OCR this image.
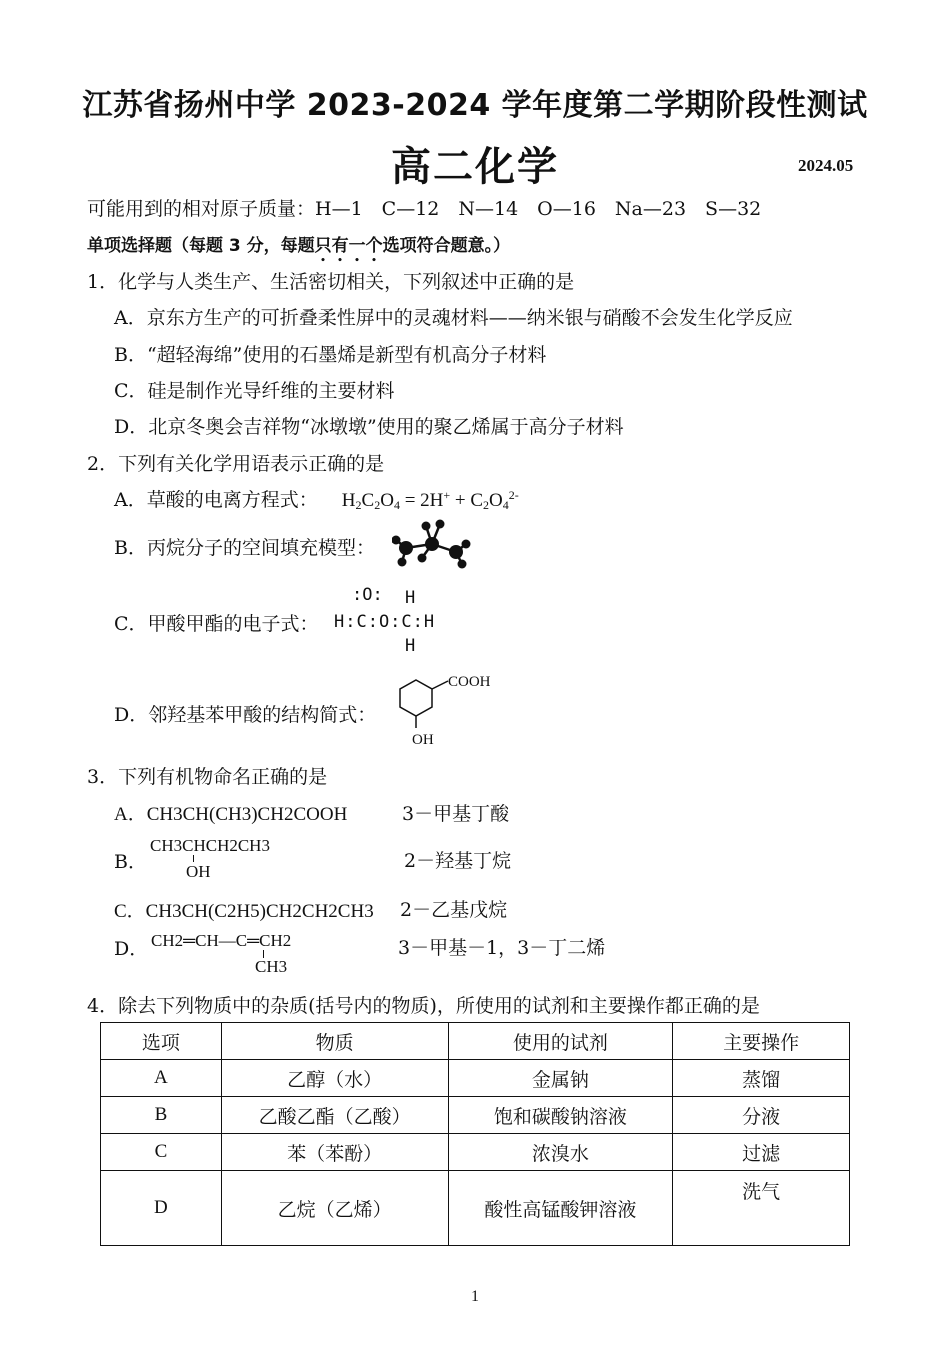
江苏省扬州中学 2023-2024 学年度第二学期阶段性测试
高二化学	2024.05
可能用到的相对原子质量：H—1　C—12　N—14　O—16　Na—23　S—32
单项选择题（每题 3 分，每题只有一个选项符合题意。）
1．化学与人类生产、生活密切相关，下列叙述中正确的是
A．京东方生产的可折叠柔性屏中的灵魂材料——纳米银与硝酸不会发生化学反应
B．“超轻海绵”使用的石墨烯是新型有机高分子材料
C．硅是制作光导纤维的主要材料
D．北京冬奥会吉祥物“冰墩墩”使用的聚乙烯属于高分子材料
2．下列有关化学用语表示正确的是
A．草酸的电离方程式： $H_2C_2O_4 = 2H^+ + C_2O_4^{2-}$
B．丙烷分子的空间填充模型：
C．甲酸甲酯的电子式：
:O: H
H:C:O:C:H
H
D．邻羟基苯甲酸的结构简式：
COOH
OH
3．下列有机物命名正确的是
A．CH3CH(CH3)CH2COOH	3－甲基丁酸
B．
CH3CHCH2CH3
OH	2－羟基丁烷
C．CH3CH(C2H5)CH2CH2CH3 2－乙基戊烷
D． CH2═CH—C═CH2
CH3
3－甲基－1，3－丁二烯
4．除去下列物质中的杂质(括号内的物质)，所使用的试剂和主要操作都正确的是
选项	物质	使用的试剂	主要操作
A	乙醇（水）	金属钠	蒸馏
B	乙酸乙酯（乙酸）	饱和碳酸钠溶液	分液
C	苯（苯酚）	浓溴水	过滤
D	乙烷（乙烯）	酸性高锰酸钾溶液	洗气
1
